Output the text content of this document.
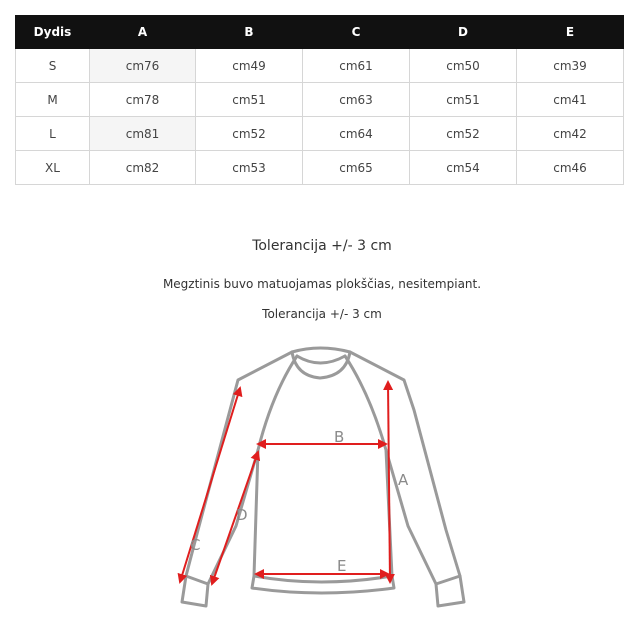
Dydis	A	B	C	D	E
S	cm76	cm49	cm61	cm50	cm39
M	cm78	cm51	cm63	cm51	cm41
L	cm81	cm52	cm64	cm52	cm42
XL	cm82	cm53	cm65	cm54	cm46
Tolerancija +/- 3 cm
Megztinis buvo matuojamas plokščias, nesitempiant.
Tolerancija +/- 3 cm
A
B
C
D
E
